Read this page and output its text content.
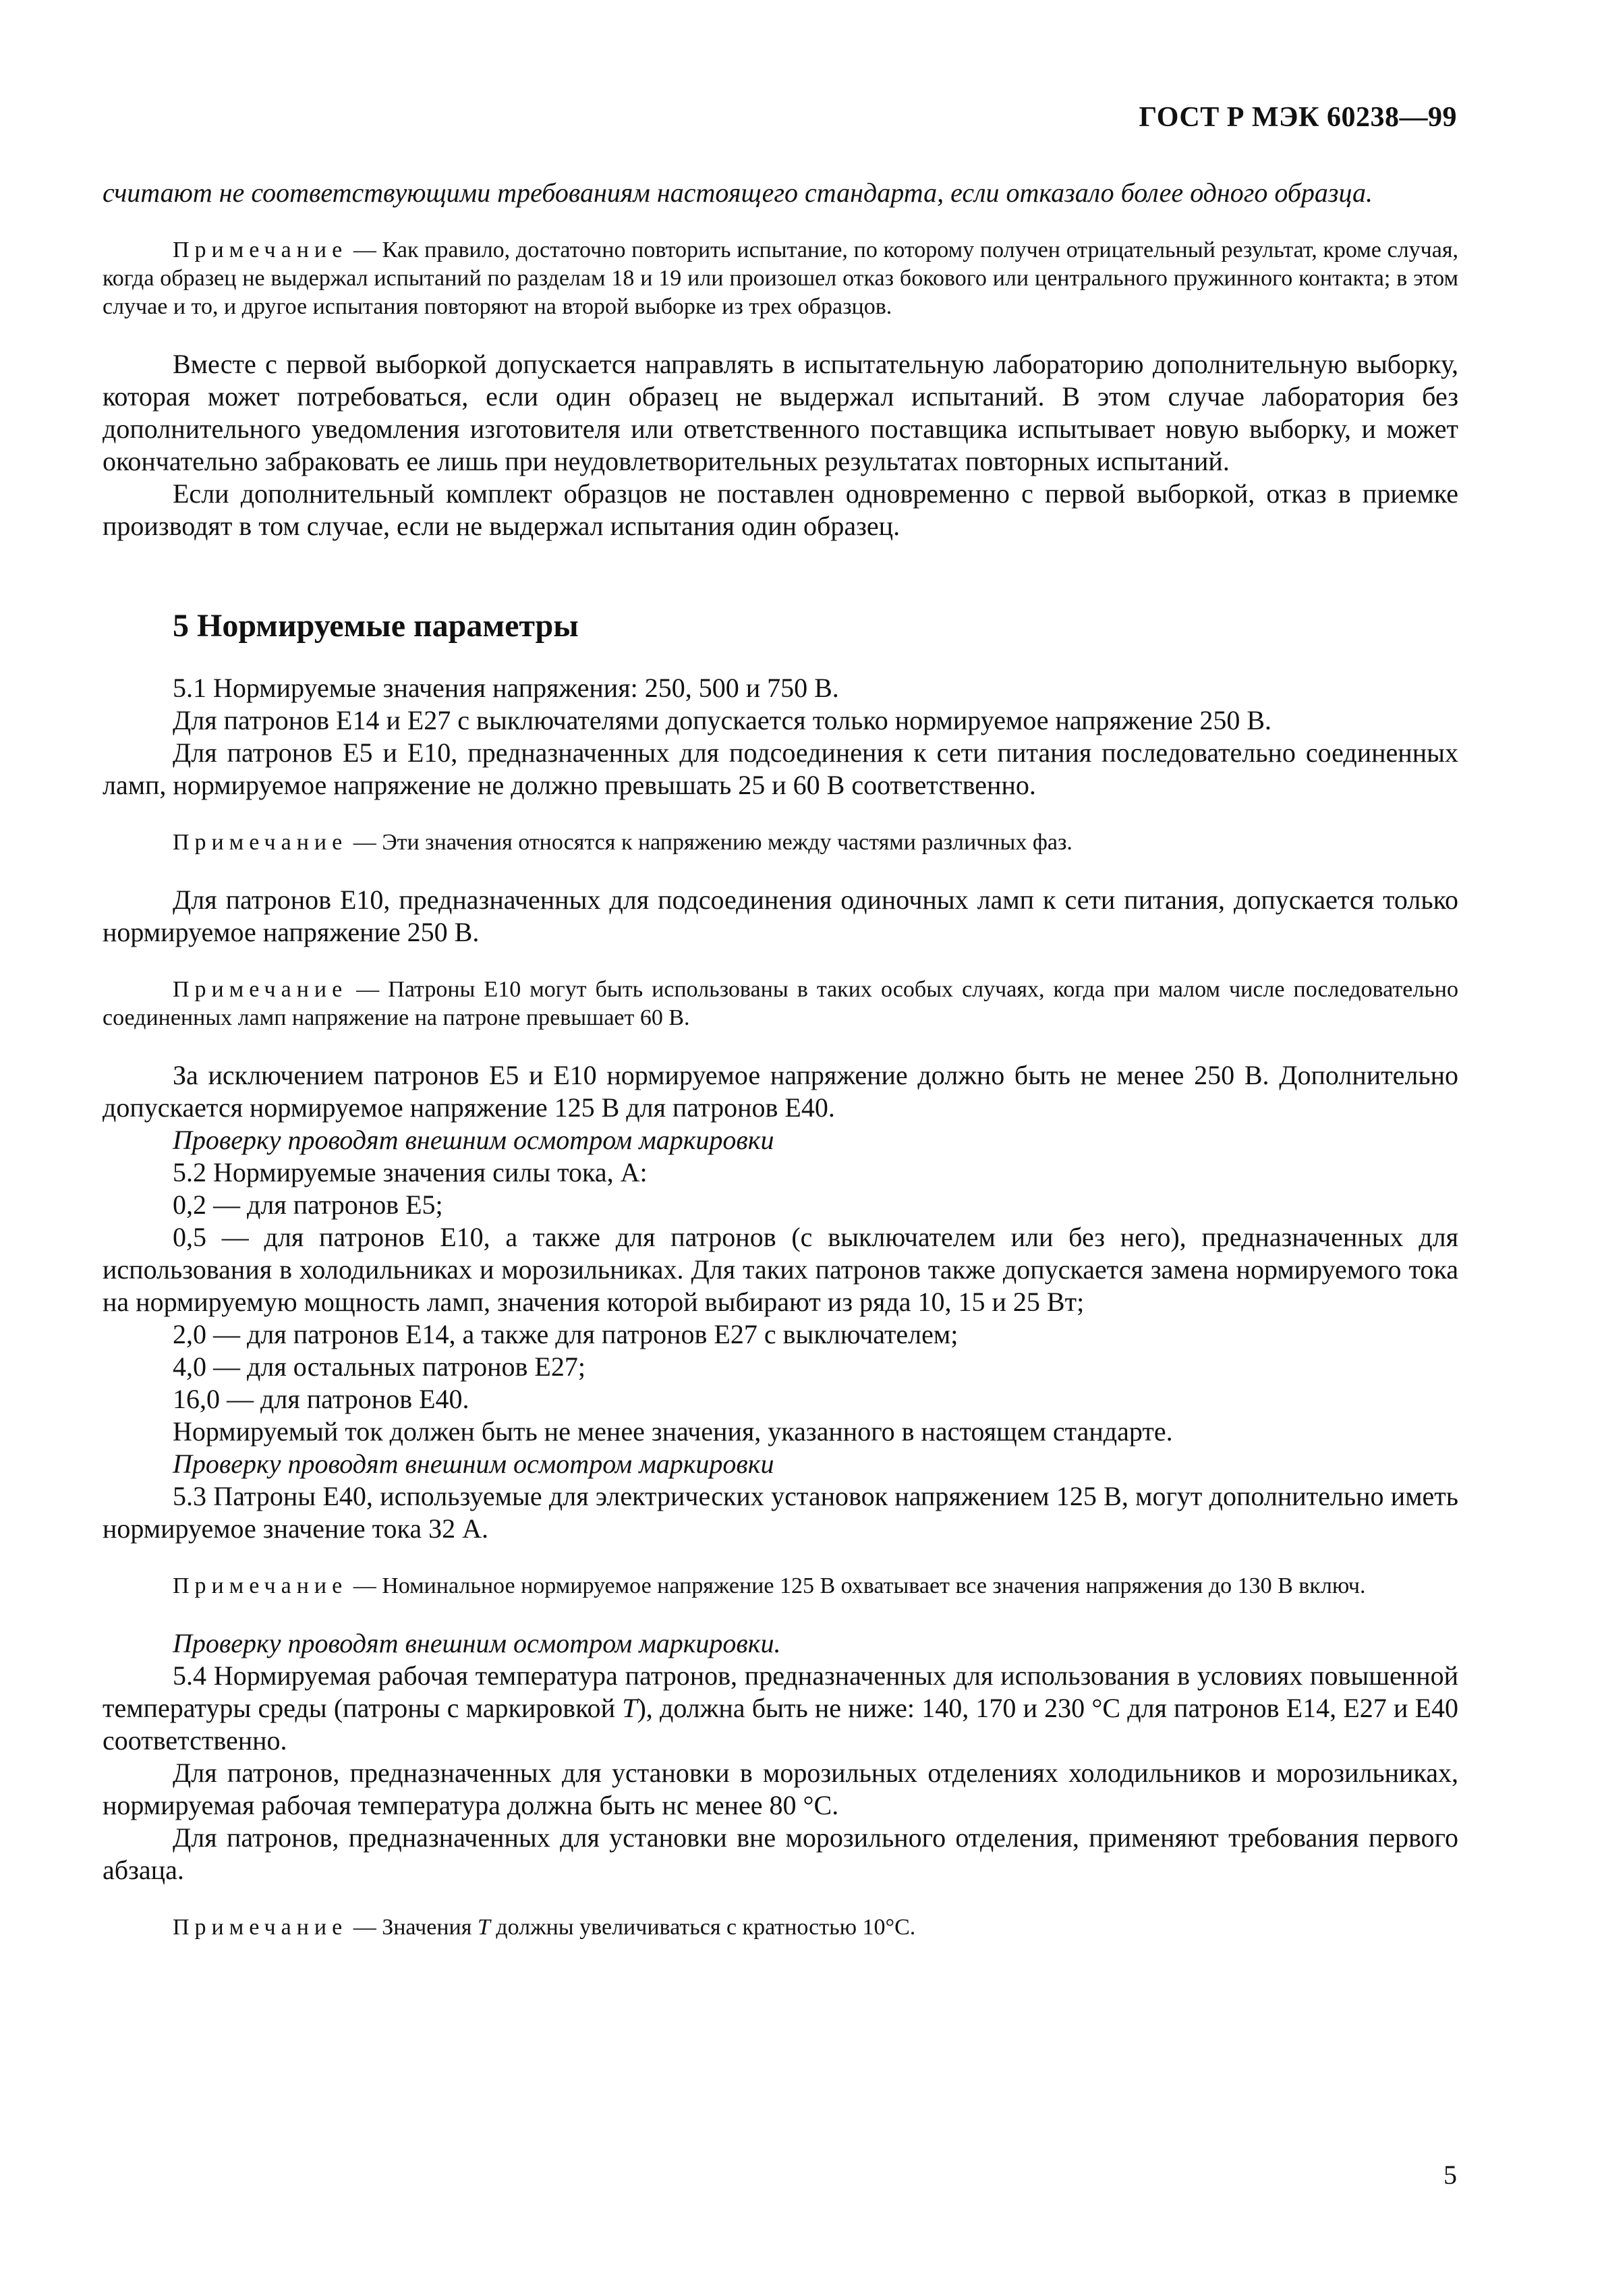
ГОСТ Р МЭК 60238—99

считают не соответствующими требованиям настоящего стандарта, если отказало более одного образца.

Примечание — Как правило, достаточно повторить испытание, по которому получен отрицательный результат, кроме случая, когда образец не выдержал испытаний по разделам 18 и 19 или произошел отказ бокового или центрального пружинного контакта; в этом случае и то, и другое испытания повторяют на второй выборке из трех образцов.

Вместе с первой выборкой допускается направлять в испытательную лабораторию дополнительную выборку, которая может потребоваться, если один образец не выдержал испытаний. В этом случае лаборатория без дополнительного уведомления изготовителя или ответственного поставщика испытывает новую выборку, и может окончательно забраковать ее лишь при неудовлетворительных результатах повторных испытаний.

Если дополнительный комплект образцов не поставлен одновременно с первой выборкой, отказ в приемке производят в том случае, если не выдержал испытания один образец.

5 Нормируемые параметры

5.1 Нормируемые значения напряжения: 250, 500 и 750 В.

Для патронов Е14 и Е27 с выключателями допускается только нормируемое напряжение 250 В.

Для патронов Е5 и Е10, предназначенных для подсоединения к сети питания последовательно соединенных ламп, нормируемое напряжение не должно превышать 25 и 60 В соответственно.

Примечание — Эти значения относятся к напряжению между частями различных фаз.

Для патронов Е10, предназначенных для подсоединения одиночных ламп к сети питания, допускается только нормируемое напряжение 250 В.

Примечание — Патроны Е10 могут быть использованы в таких особых случаях, когда при малом числе последовательно соединенных ламп напряжение на патроне превышает 60 В.

За исключением патронов Е5 и Е10 нормируемое напряжение должно быть не менее 250 В. Дополнительно допускается нормируемое напряжение 125 В для патронов Е40.

Проверку проводят внешним осмотром маркировки

5.2 Нормируемые значения силы тока, А:

0,2 — для патронов Е5;

0,5 — для патронов Е10, а также для патронов (с выключателем или без него), предназначенных для использования в холодильниках и морозильниках. Для таких патронов также допускается замена нормируемого тока на нормируемую мощность ламп, значения которой выбирают из ряда 10, 15 и 25 Вт;

2,0 — для патронов Е14, а также для патронов Е27 с выключателем;

4,0 — для остальных патронов Е27;

16,0 — для патронов Е40.

Нормируемый ток должен быть не менее значения, указанного в настоящем стандарте.

Проверку проводят внешним осмотром маркировки

5.3 Патроны Е40, используемые для электрических установок напряжением 125 В, могут дополнительно иметь нормируемое значение тока 32 А.

Примечание — Номинальное нормируемое напряжение 125 В охватывает все значения напряжения до 130 В включ.

Проверку проводят внешним осмотром маркировки.

5.4 Нормируемая рабочая температура патронов, предназначенных для использования в условиях повышенной температуры среды (патроны с маркировкой Т), должна быть не ниже: 140, 170 и 230 °С для патронов Е14, Е27 и Е40 соответственно.

Для патронов, предназначенных для установки в морозильных отделениях холодильников и морозильниках, нормируемая рабочая температура должна быть нс менее 80 °С.

Для патронов, предназначенных для установки вне морозильного отделения, применяют требования первого абзаца.

Примечание — Значения Т должны увеличиваться с кратностью 10°С.

5
